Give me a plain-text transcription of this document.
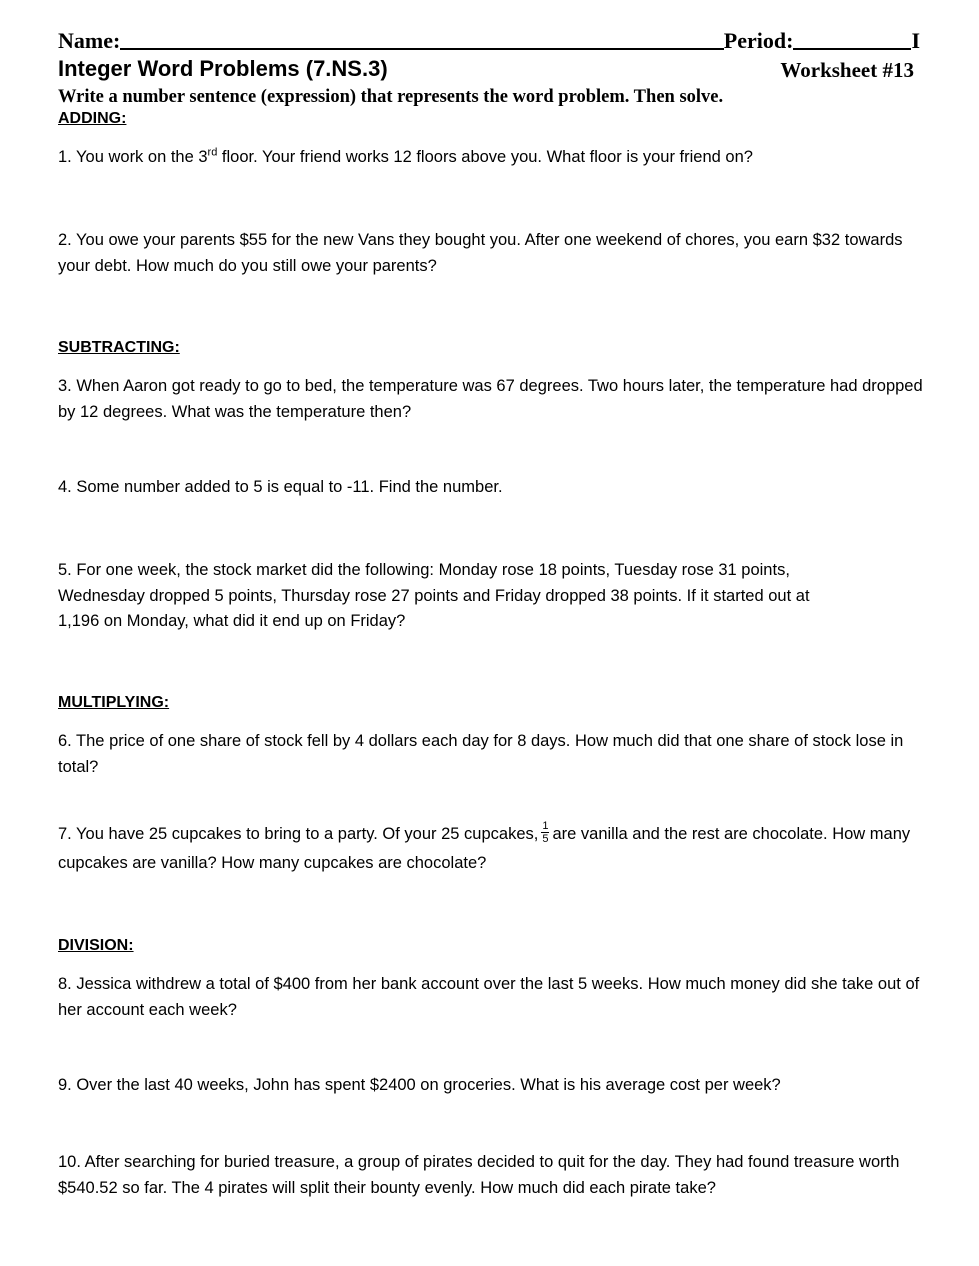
Name:	Period:	I
Integer Word Problems (7.NS.3)	Worksheet #13
Write a number sentence (expression) that represents the word problem. Then solve.
ADDING:
1. You work on the 3rd floor. Your friend works 12 floors above you. What floor is your friend on?
2. You owe your parents $55 for the new Vans they bought you. After one weekend of chores, you earn $32 towards your debt. How much do you still owe your parents?
SUBTRACTING:
3. When Aaron got ready to go to bed, the temperature was 67 degrees. Two hours later, the temperature had dropped by 12 degrees. What was the temperature then?
4. Some number added to 5 is equal to -11. Find the number.
5. For one week, the stock market did the following: Monday rose 18 points, Tuesday rose 31 points,
Wednesday dropped 5 points, Thursday rose 27 points and Friday dropped 38 points. If it started out at
1,196 on Monday, what did it end up on Friday?
MULTIPLYING:
6. The price of one share of stock fell by 4 dollars each day for 8 days. How much did that one share of stock lose in total?
7. You have 25 cupcakes to bring to a party. Of your 25 cupcakes, $\frac{1}{5}$ are vanilla and the rest are chocolate. How many cupcakes are vanilla? How many cupcakes are chocolate?
DIVISION:
8. Jessica withdrew a total of $400 from her bank account over the last 5 weeks. How much money did she take out of her account each week?
9. Over the last 40 weeks, John has spent $2400 on groceries. What is his average cost per week?
10. After searching for buried treasure, a group of pirates decided to quit for the day. They had found treasure worth $540.52 so far. The 4 pirates will split their bounty evenly. How much did each pirate take?
